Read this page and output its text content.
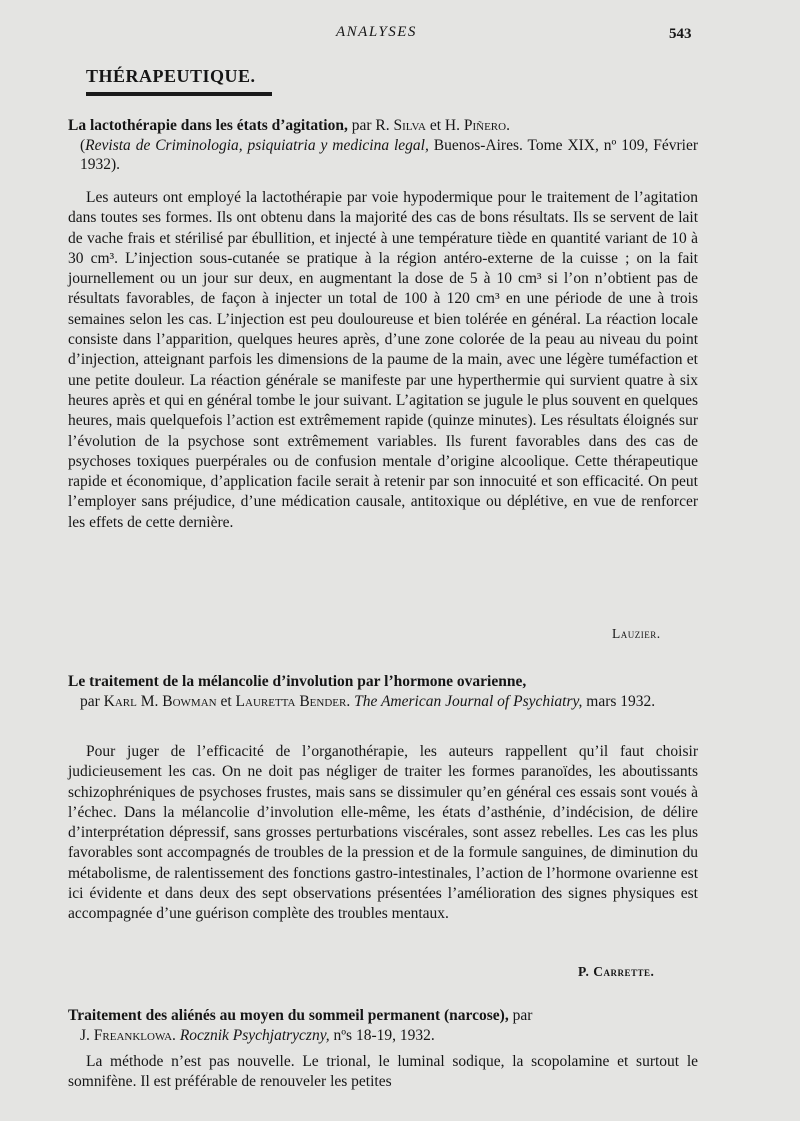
ANALYSES	543
THÉRAPEUTIQUE.
La lactothérapie dans les états d’agitation, par R. Silva et H. Piñero.
(Revista de Criminologia, psiquiatria y medicina legal, Buenos-Aires. Tome XIX, nº 109, Février 1932).

Les auteurs ont employé la lactothérapie par voie hypodermique pour le traitement de l’agitation dans toutes ses formes. Ils ont obtenu dans la majorité des cas de bons résultats. Ils se servent de lait de vache frais et stérilisé par ébullition, et injecté à une température tiède en quantité variant de 10 à 30 cm³. L’injection sous-cutanée se pratique à la région antéro-externe de la cuisse ; on la fait journellement ou un jour sur deux, en augmentant la dose de 5 à 10 cm³ si l’on n’obtient pas de résultats favorables, de façon à injecter un total de 100 à 120 cm³ en une période de une à trois semaines selon les cas. L’injection est peu douloureuse et bien tolérée en général. La réaction locale consiste dans l’apparition, quelques heures après, d’une zone colorée de la peau au niveau du point d’injection, atteignant parfois les dimensions de la paume de la main, avec une légère tuméfaction et une petite douleur. La réaction générale se manifeste par une hyperthermie qui survient quatre à six heures après et qui en général tombe le jour suivant. L’agitation se jugule le plus souvent en quelques heures, mais quelquefois l’action est extrêmement rapide (quinze minutes). Les résultats éloignés sur l’évolution de la psychose sont extrêmement variables. Ils furent favorables dans des cas de psychoses toxiques puerpérales ou de confusion mentale d’origine alcoolique. Cette thérapeutique rapide et économique, d’application facile serait à retenir par son innocuité et son efficacité. On peut l’employer sans préjudice, d’une médication causale, antitoxique ou déplétive, en vue de renforcer les effets de cette dernière.

Lauzier.
Le traitement de la mélancolie d’involution par l’hormone ovarienne,
par Karl M. Bowman et Lauretta Bender. The American Journal of Psychiatry, mars 1932.

Pour juger de l’efficacité de l’organothérapie, les auteurs rappellent qu’il faut choisir judicieusement les cas. On ne doit pas négliger de traiter les formes paranoïdes, les aboutissants schizophréniques de psychoses frustes, mais sans se dissimuler qu’en général ces essais sont voués à l’échec. Dans la mélancolie d’involution elle-même, les états d’asthénie, d’indécision, de délire d’interprétation dépressif, sans grosses perturbations viscérales, sont assez rebelles. Les cas les plus favorables sont accompagnés de troubles de la pression et de la formule sanguines, de diminution du métabolisme, de ralentissement des fonctions gastro-intestinales, l’action de l’hormone ovarienne est ici évidente et dans deux des sept observations présentées l’amélioration des signes physiques est accompagnée d’une guérison complète des troubles mentaux.

P. Carrette.
Traitement des aliénés au moyen du sommeil permanent (narcose), par
J. Freanklowa. Rocznik Psychjatryczny, nºs 18-19, 1932.

La méthode n’est pas nouvelle. Le trional, le luminal sodique, la scopolamine et surtout le somnifène. Il est préférable de renouveler les petites
